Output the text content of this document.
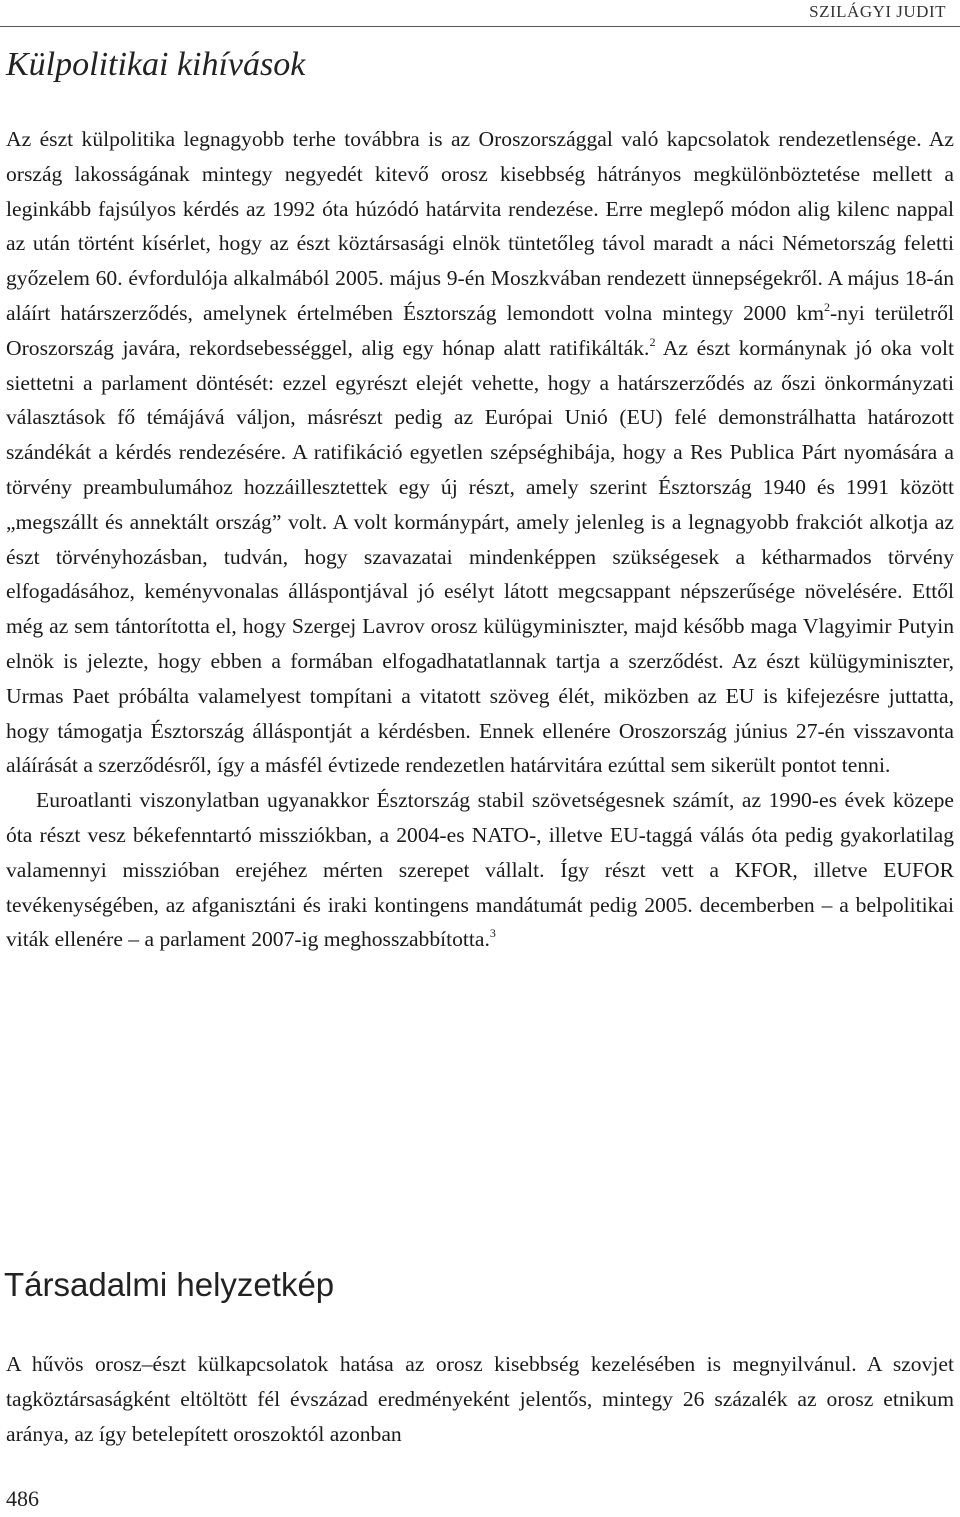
SZILÁGYI JUDIT
Külpolitikai kihívások

Az észt külpolitika legnagyobb terhe továbbra is az Oroszországgal való kapcsolatok rendezetlensége. Az ország lakosságának mintegy negyedét kitevő orosz kisebbség hátrányos megkülönböztetése mellett a leginkább fajsúlyos kérdés az 1992 óta húzódó határvita rendezése. Erre meglepő módon alig kilenc nappal az után történt kísérlet, hogy az észt köztársasági elnök tüntetőleg távol maradt a náci Németország feletti győzelem 60. évfordulója alkalmából 2005. május 9-én Moszkvában rendezett ünnepségekről. A május 18-án aláírt határszerződés, amelynek értelmében Észtország lemondott volna mintegy 2000 $km^2$-nyi területről Oroszország javára, rekordsebességgel, alig egy hónap alatt ratifikálták.$^2$ Az észt kormánynak jó oka volt siettetni a parlament döntését: ezzel egyrészt elejét vehette, hogy a határszerződés az őszi önkormányzati választások fő témájává váljon, másrészt pedig az Európai Unió (EU) felé demonstrálhatta határozott szándékát a kérdés rendezésére. A ratifikáció egyetlen szépséghibája, hogy a Res Publica Párt nyomására a törvény preambulumához hozzáillesztettek egy új részt, amely szerint Észtország 1940 és 1991 között „megszállt és annektált ország” volt. A volt kormánypárt, amely jelenleg is a legnagyobb frakciót alkotja az észt törvényhozásban, tudván, hogy szavazatai mindenképpen szükségesek a kétharmados törvény elfogadásához, keményvonalas álláspontjával jó esélyt látott megcsappant népszerűsége növelésére. Ettől még az sem tántorította el, hogy Szergej Lavrov orosz külügyminiszter, majd később maga Vlagyimir Putyin elnök is jelezte, hogy ebben a formában elfogadhatatlannak tartja a szerződést. Az észt külügyminiszter, Urmas Paet próbálta valamelyest tompítani a vitatott szöveg élét, miközben az EU is kifejezésre juttatta, hogy támogatja Észtország álláspontját a kérdésben. Ennek ellenére Oroszország június 27-én visszavonta aláírását a szerződésről, így a másfél évtizede rendezetlen határvitára ezúttal sem sikerült pontot tenni.

Euroatlanti viszonylatban ugyanakkor Észtország stabil szövetségesnek számít, az 1990-es évek közepe óta részt vesz békefenntartó missziókban, a 2004-es NATO-, illetve EU-taggá válás óta pedig gyakorlatilag valamennyi misszióban erejéhez mérten szerepet vállalt. Így részt vett a KFOR, illetve EUFOR tevékenységében, az afganisztáni és iraki kontingens mandátumát pedig 2005. decemberben – a belpolitikai viták ellenére – a parlament 2007-ig meghosszabbította.$^3$

Társadalmi helyzetkép

A hűvös orosz–észt külkapcsolatok hatása az orosz kisebbség kezelésében is megnyilvánul. A szovjet tagköztársaságként eltöltött fél évszázad eredményeként jelentős, mintegy 26 százalék az orosz etnikum aránya, az így betelepített oroszoktól azonban

486
